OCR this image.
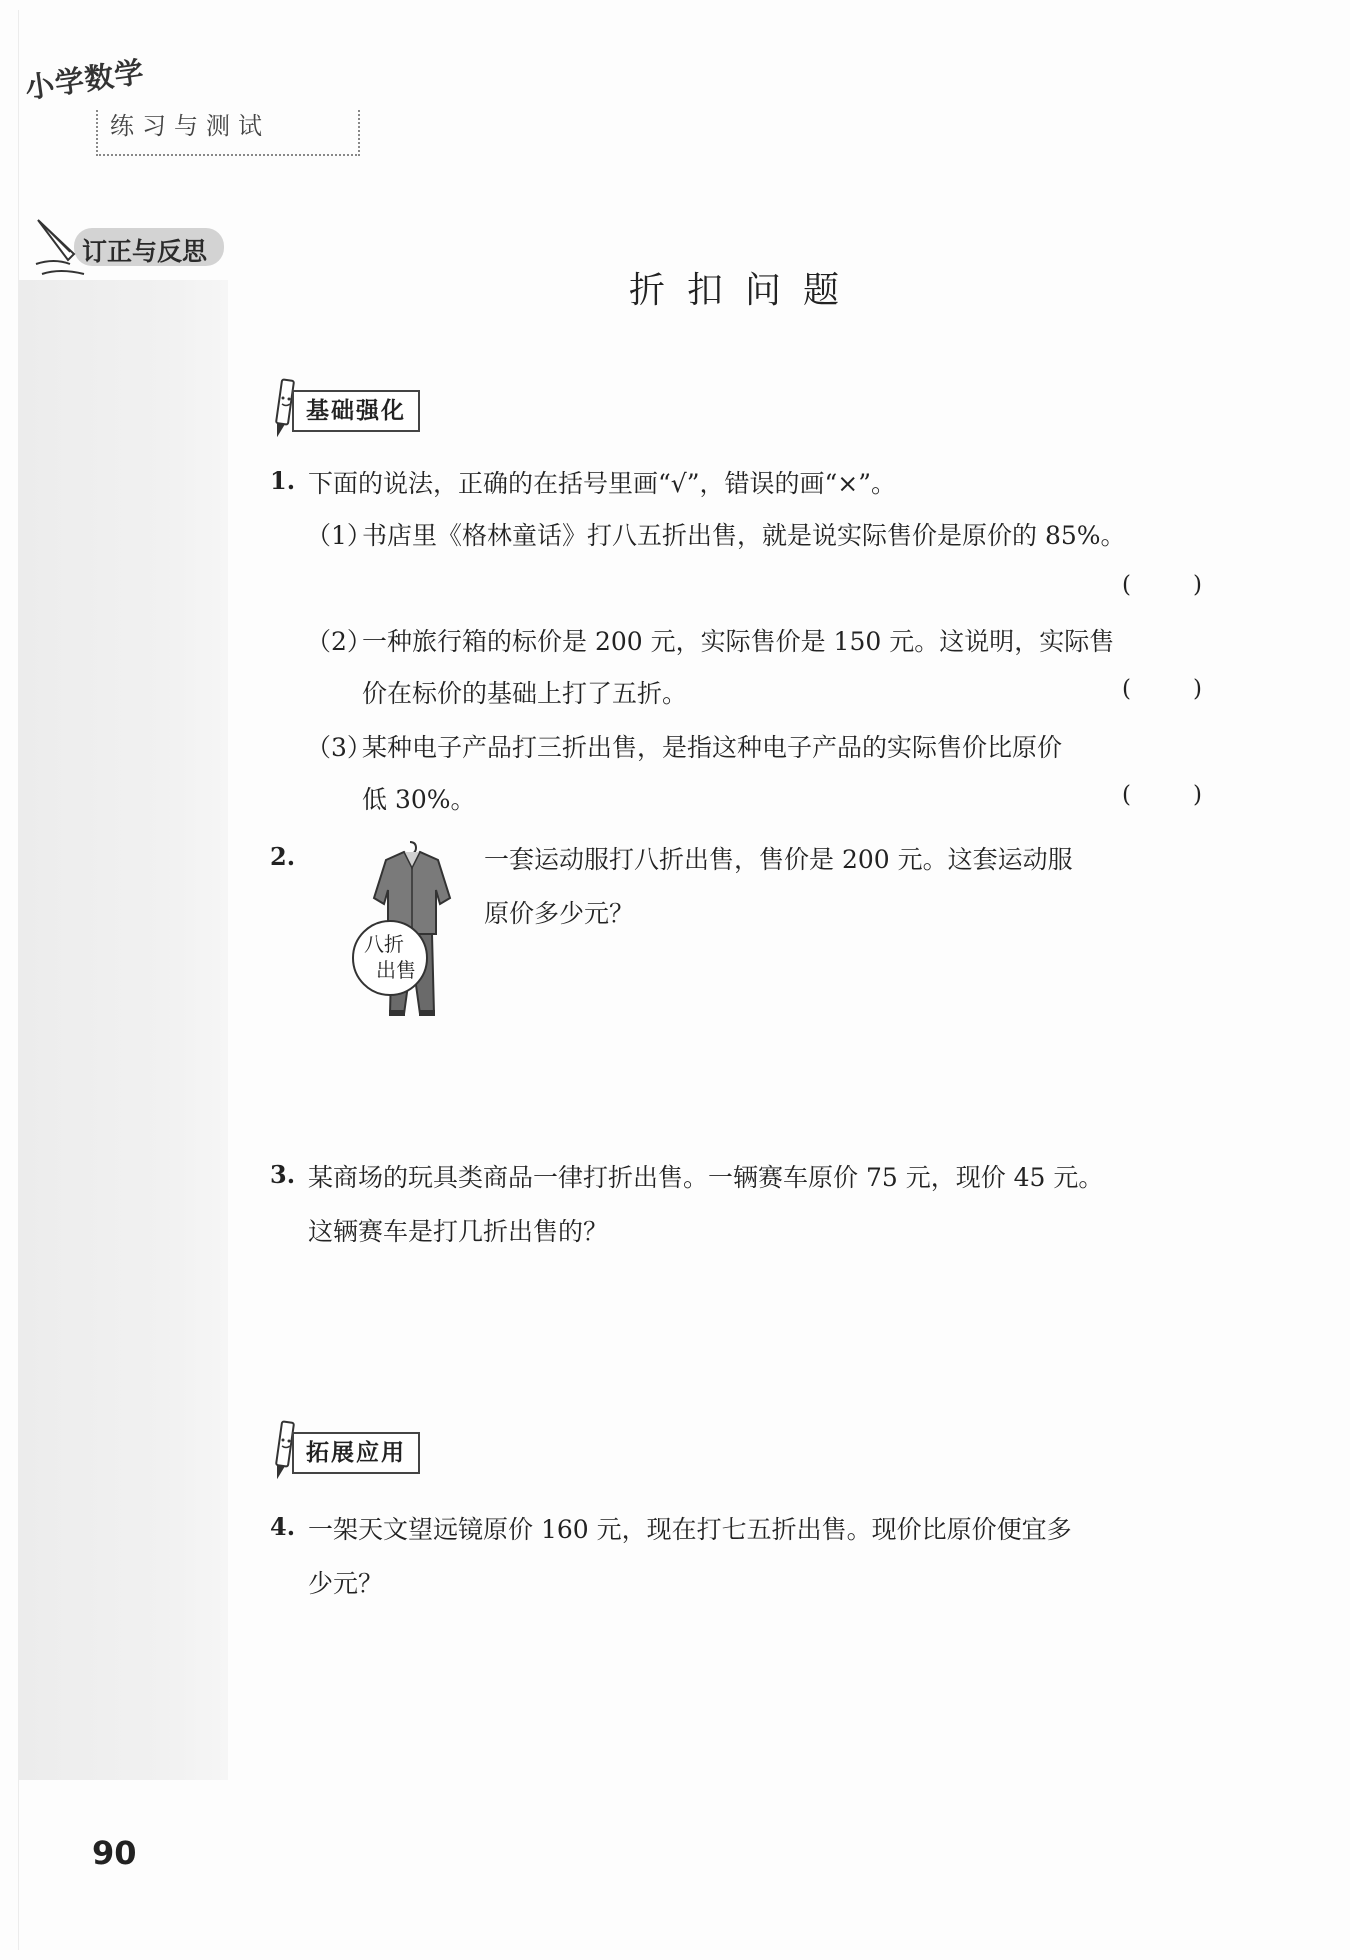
小学数学
练习与测试
订正与反思
折扣问题
基础强化
1. 下面的说法，正确的在括号里画“√”，错误的画“×”。
（1）
书店里《格林童话》打八五折出售，就是说实际售价是原价的 85%。
(	)
（2）
一种旅行箱的标价是 200 元，实际售价是 150 元。这说明，实际售
价在标价的基础上打了五折。	(	)
（3）
某种电子产品打三折出售，是指这种电子产品的实际售价比原价
低 30%。	(	)
2.
八折
出售
一套运动服打八折出售，售价是 200 元。这套运动服
原价多少元？
3. 某商场的玩具类商品一律打折出售。一辆赛车原价 75 元，现价 45 元。
这辆赛车是打几折出售的？
拓展应用
4. 一架天文望远镜原价 160 元，现在打七五折出售。现价比原价便宜多
少元？
90
